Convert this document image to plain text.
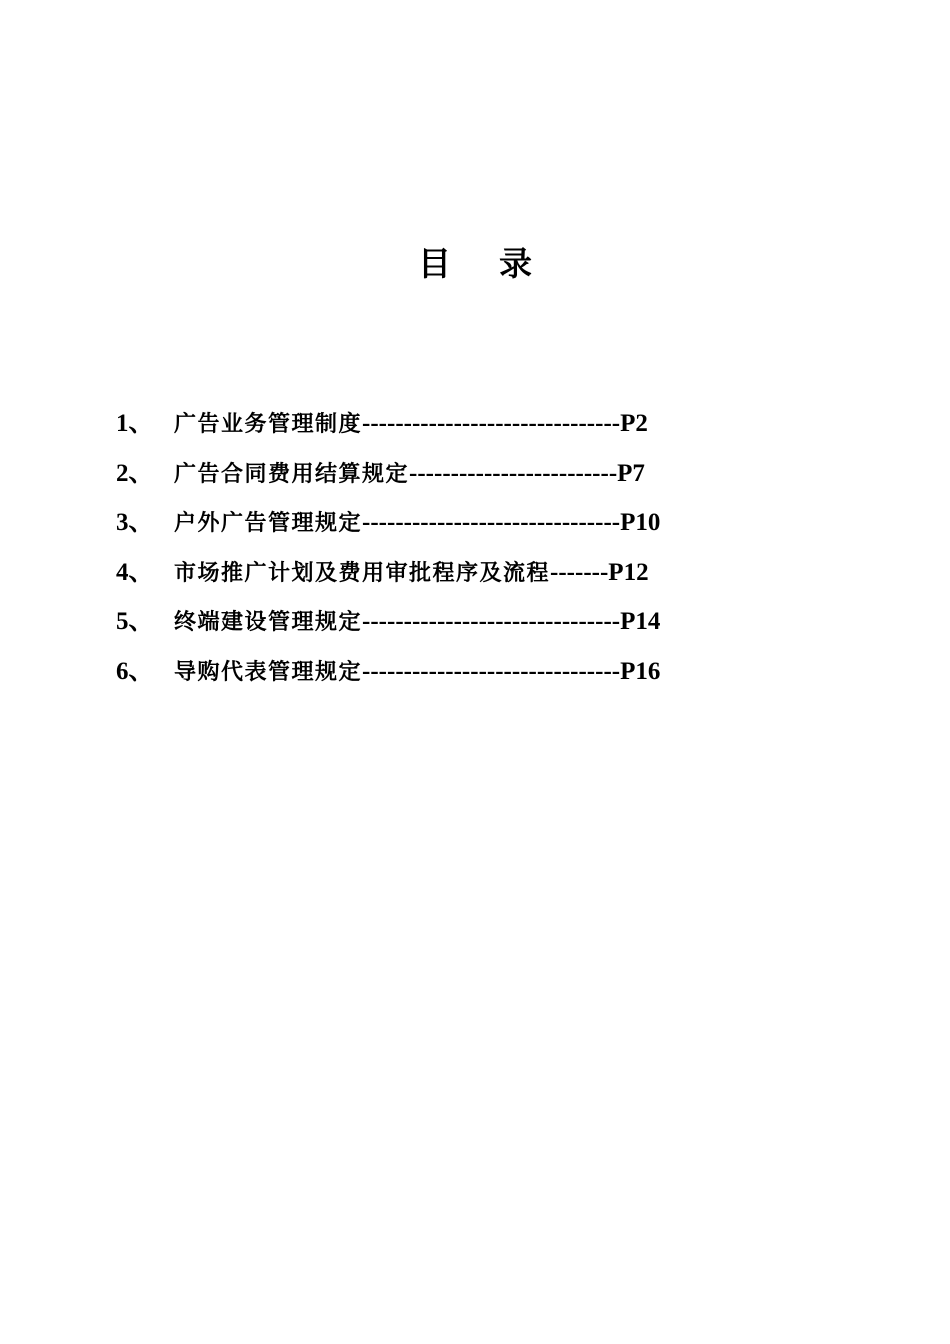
目 录
1、 广告业务管理制度 ------------------------------- P2
2、 广告合同费用结算规定 ------------------------- P7
3、 户外广告管理规定 ------------------------------- P10
4、 市场推广计划及费用审批程序及流程 ------- P12
5、 终端建设管理规定 ------------------------------- P14
6、 导购代表管理规定 ------------------------------- P16
